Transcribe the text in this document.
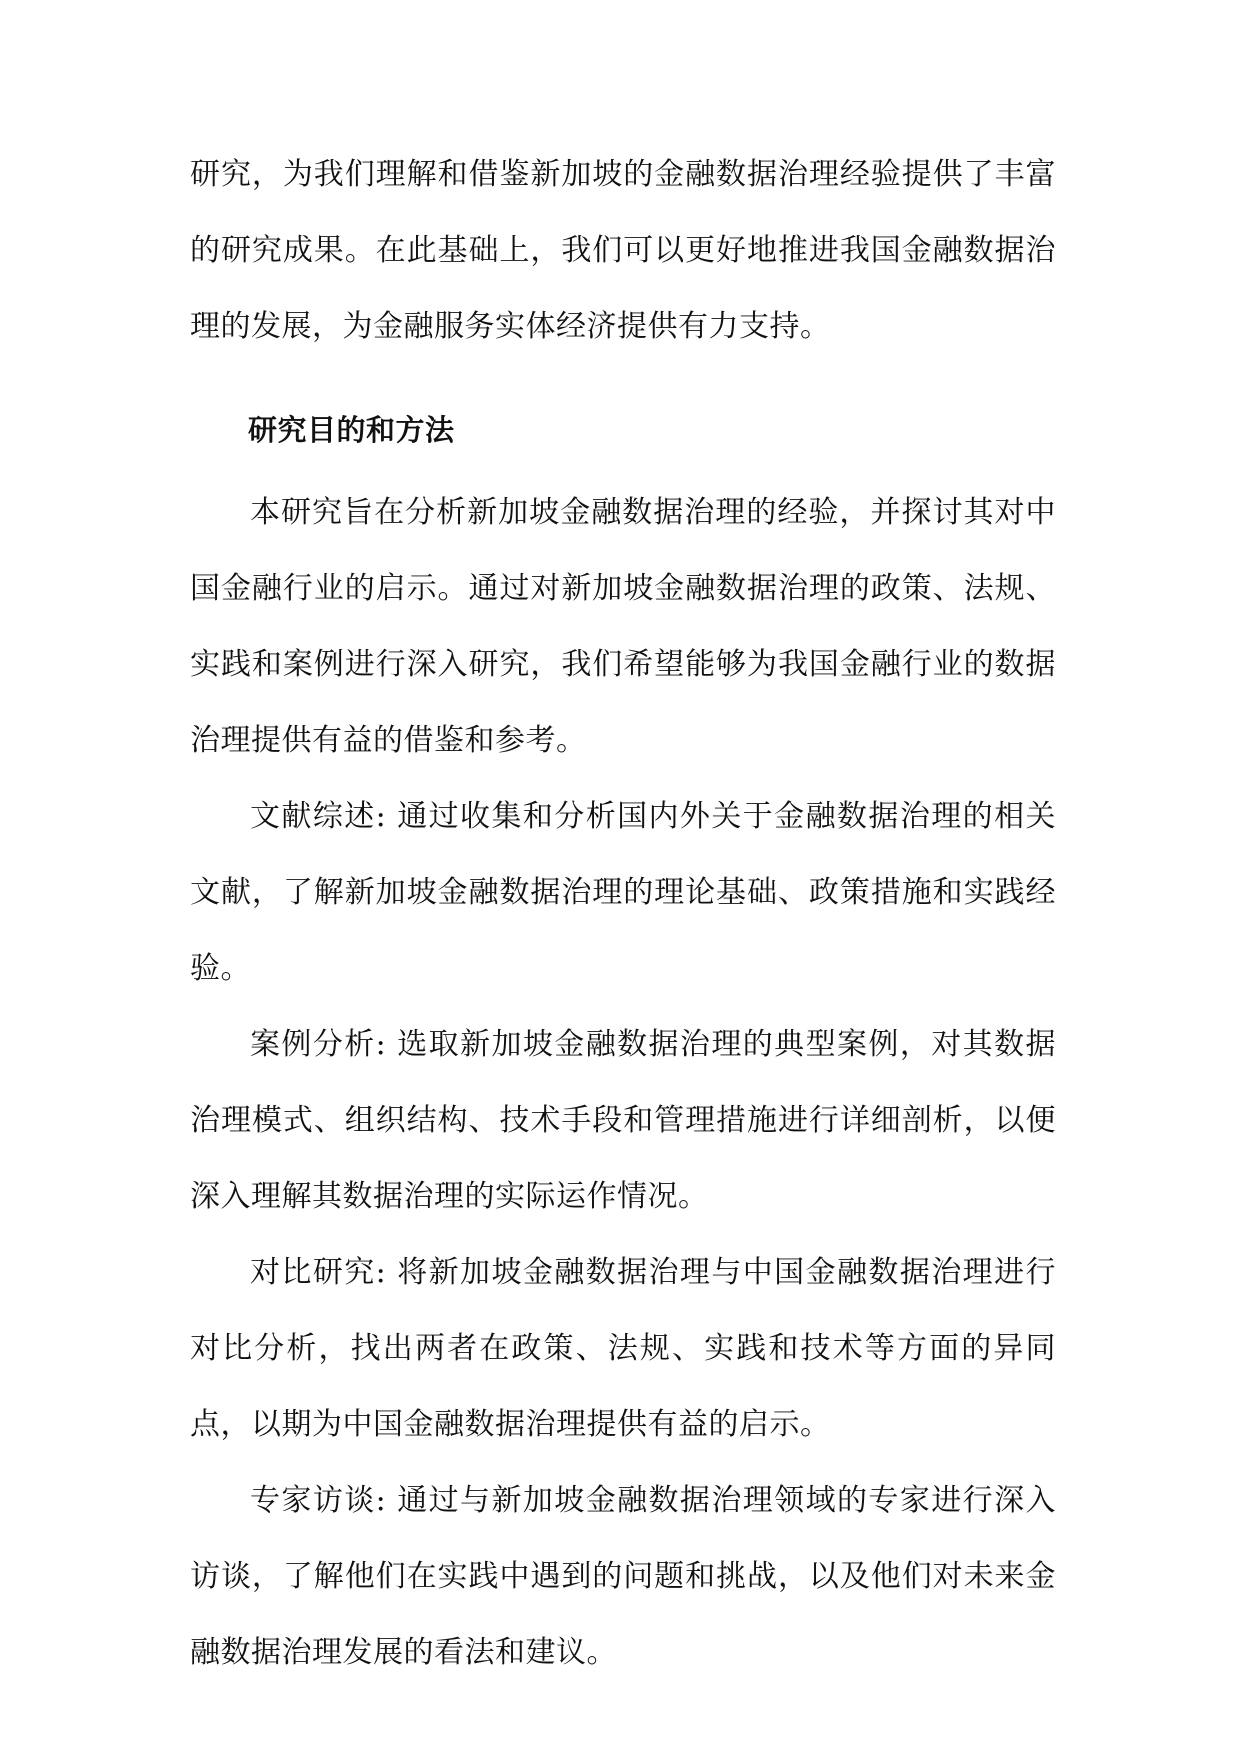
研究，为我们理解和借鉴新加坡的金融数据治理经验提供了丰富的研究成果。在此基础上，我们可以更好地推进我国金融数据治理的发展，为金融服务实体经济提供有力支持。

研究目的和方法

本研究旨在分析新加坡金融数据治理的经验，并探讨其对中国金融行业的启示。通过对新加坡金融数据治理的政策、法规、实践和案例进行深入研究，我们希望能够为我国金融行业的数据治理提供有益的借鉴和参考。

文献综述: 通过收集和分析国内外关于金融数据治理的相关文献，了解新加坡金融数据治理的理论基础、政策措施和实践经验。

案例分析: 选取新加坡金融数据治理的典型案例，对其数据治理模式、组织结构、技术手段和管理措施进行详细剖析，以便深入理解其数据治理的实际运作情况。

对比研究: 将新加坡金融数据治理与中国金融数据治理进行对比分析，找出两者在政策、法规、实践和技术等方面的异同点，以期为中国金融数据治理提供有益的启示。

专家访谈: 通过与新加坡金融数据治理领域的专家进行深入访谈，了解他们在实践中遇到的问题和挑战，以及他们对未来金融数据治理发展的看法和建议。
